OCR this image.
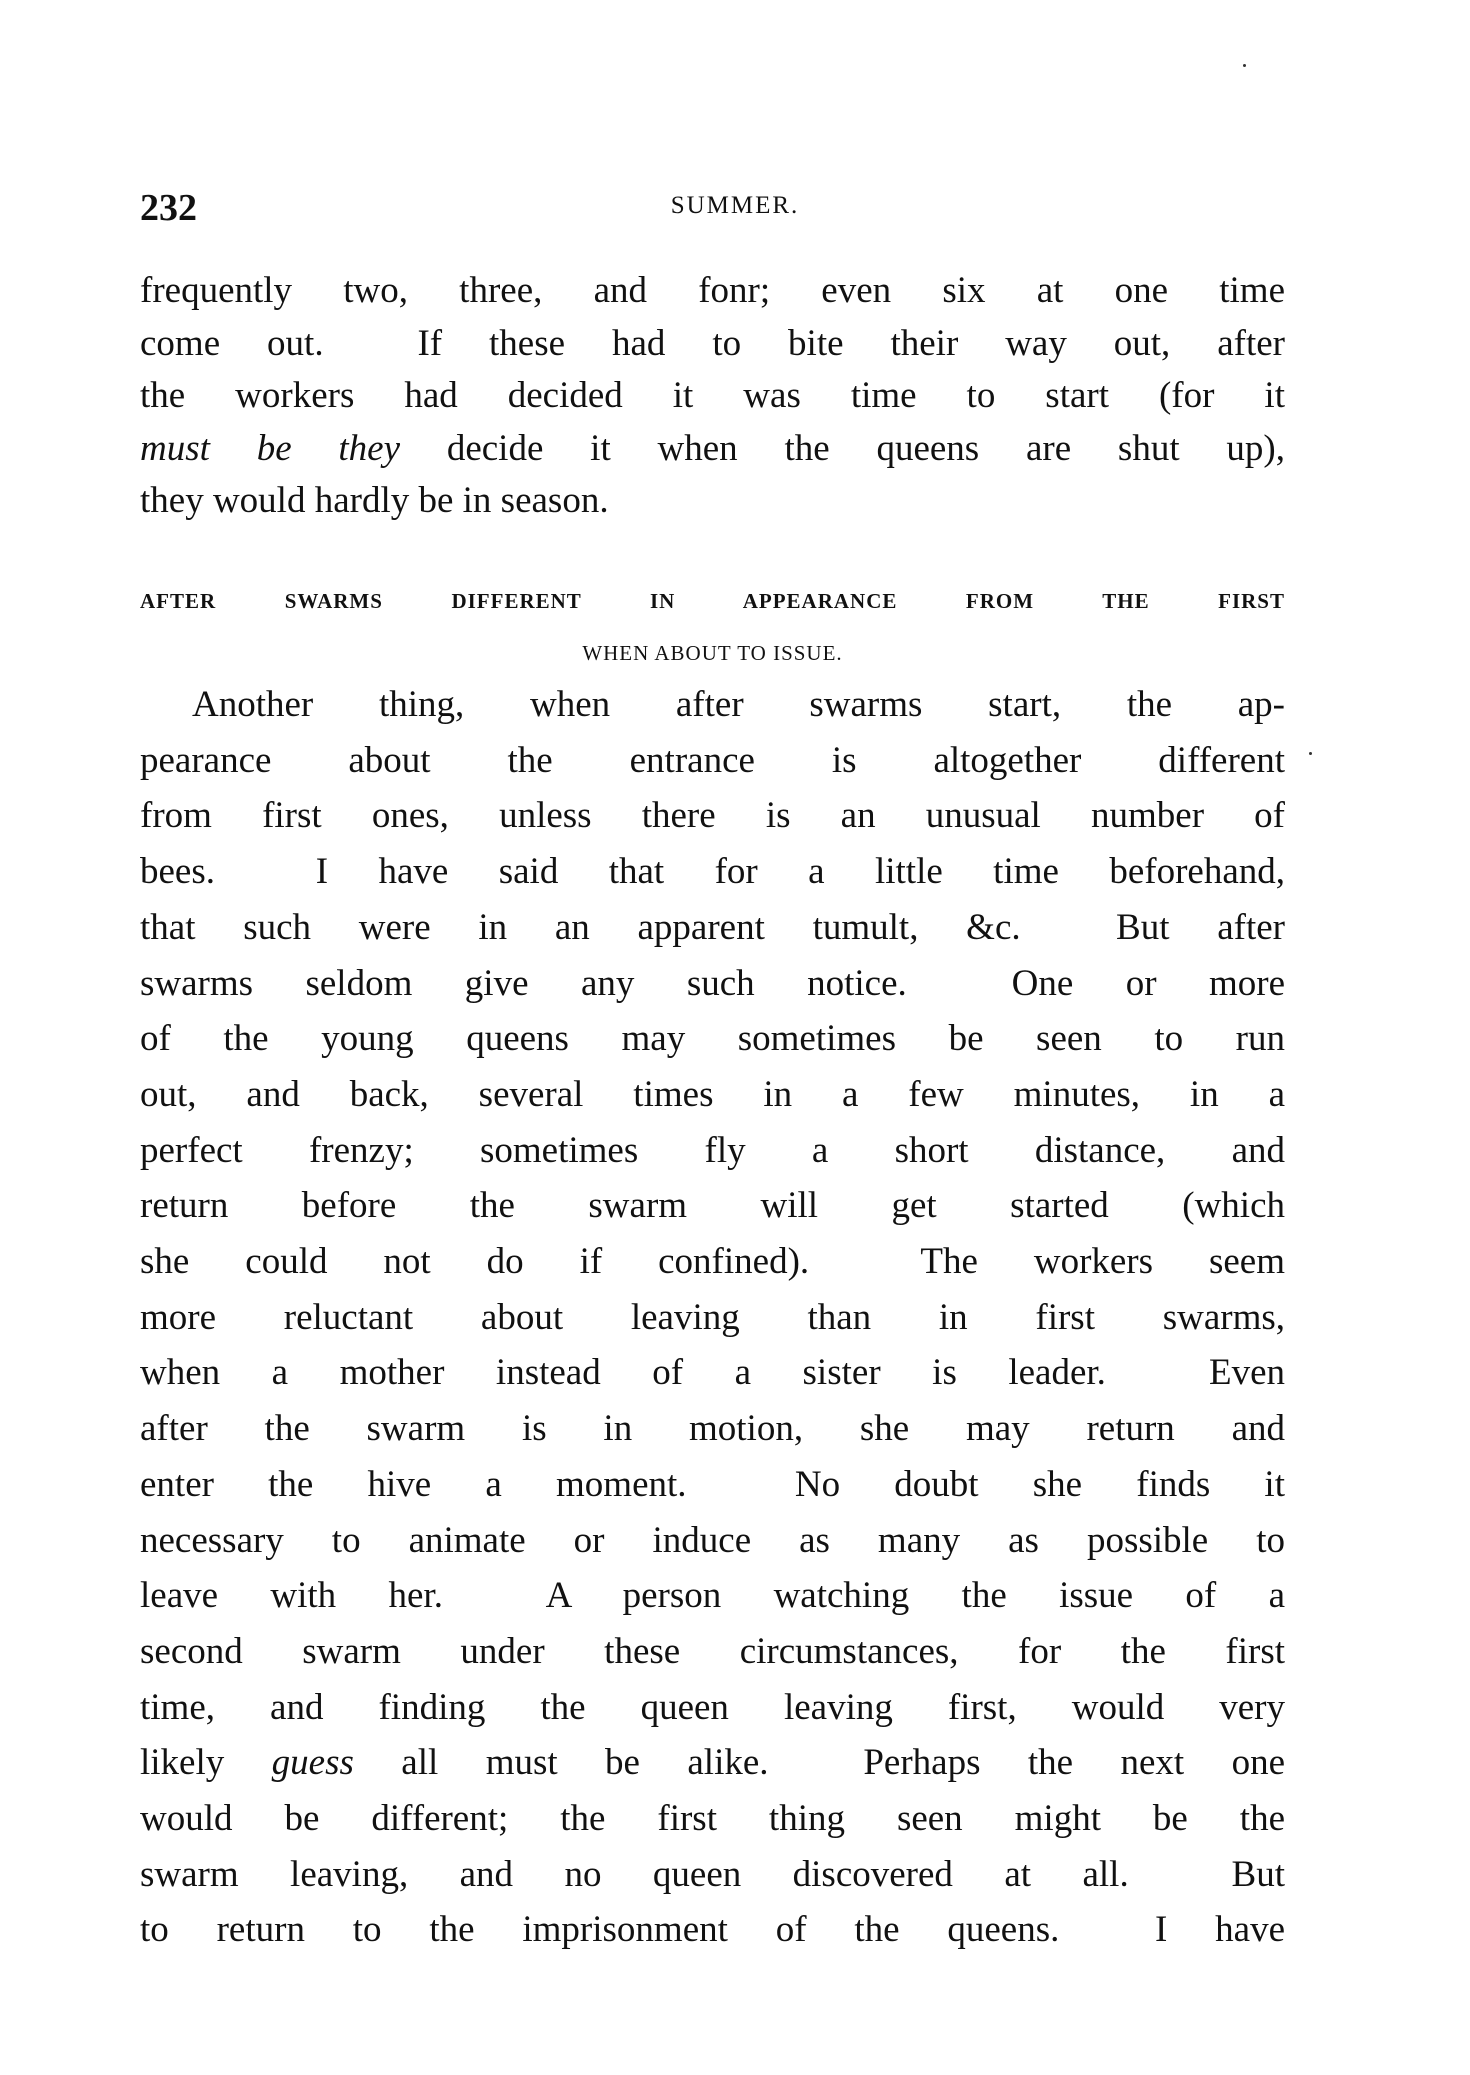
232	SUMMER.
frequently two, three, and fonr; even six at one time
come out.  If these had to bite their way out, after
the workers had decided it was time to start (for it
must be they decide it when the queens are shut up),
they would hardly be in season.
AFTER SWARMS DIFFERENT IN APPEARANCE FROM THE FIRST
WHEN ABOUT TO ISSUE.
Another thing, when after swarms start, the ap-
pearance about the entrance is altogether different
from first ones, unless there is an unusual number of
bees.  I have said that for a little time beforehand,
that such were in an apparent tumult, &c.  But after
swarms seldom give any such notice.  One or more
of the young queens may sometimes be seen to run
out, and back, several times in a few minutes, in a
perfect frenzy; sometimes fly a short distance, and
return before the swarm will get started (which
she could not do if confined).  The workers seem
more reluctant about leaving than in first swarms,
when a mother instead of a sister is leader.  Even
after the swarm is in motion, she may return and
enter the hive a moment.  No doubt she finds it
necessary to animate or induce as many as possible to
leave with her.  A person watching the issue of a
second swarm under these circumstances, for the first
time, and finding the queen leaving first, would very
likely guess all must be alike.  Perhaps the next one
would be different; the first thing seen might be the
swarm leaving, and no queen discovered at all.  But
to return to the imprisonment of the queens.  I have
